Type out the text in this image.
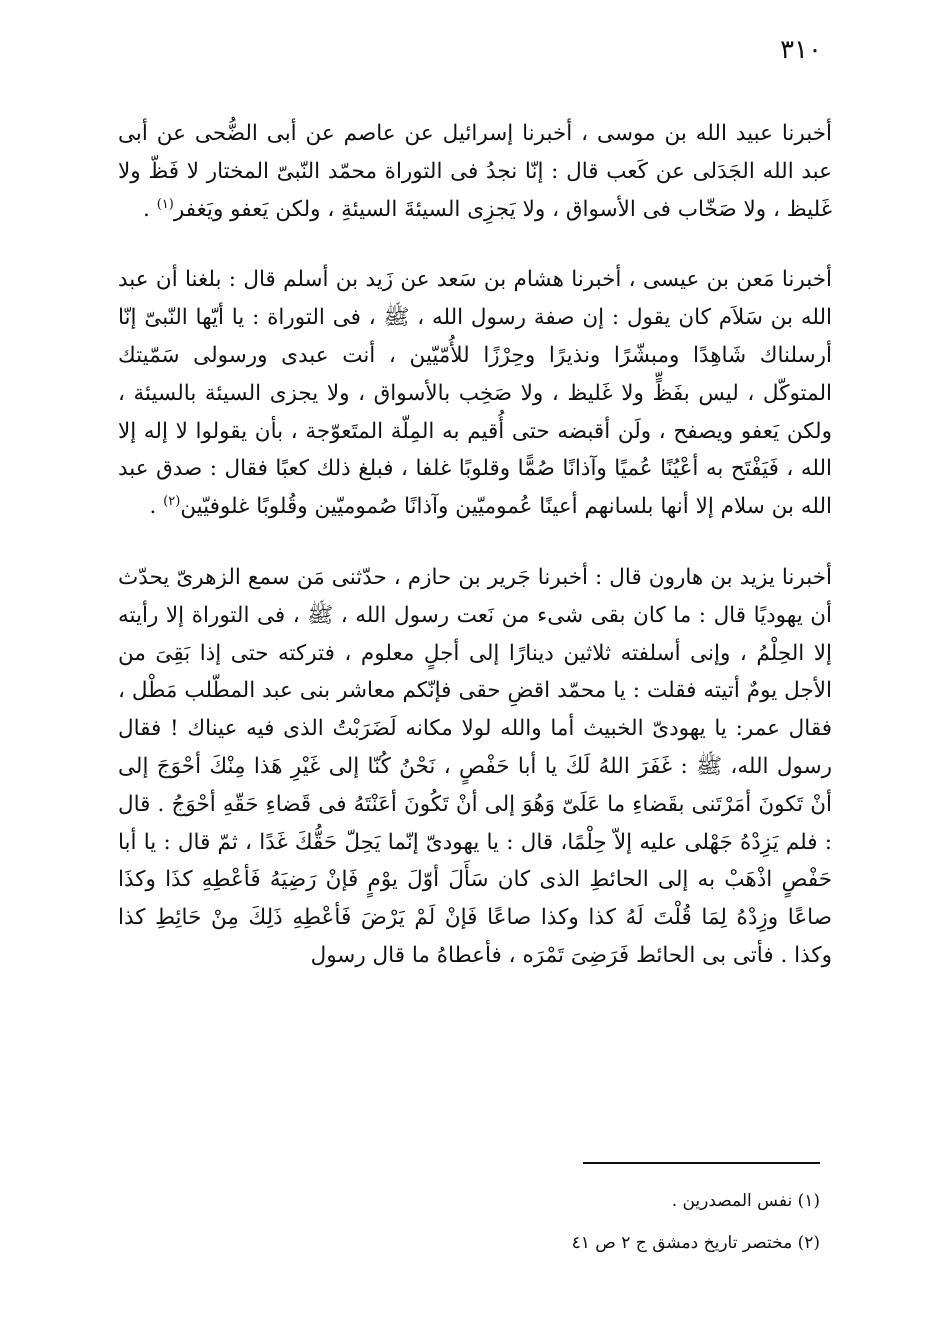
٣١٠

أخبرنا عبيد الله بن موسى ، أخبرنا إسرائيل عن عاصم عن أبى الضُّحى عن أبى عبد الله الجَدَلى عن كَعب قال : إنّا نجدُ فى التوراة محمّد النّبىّ المختار لا فَظّ ولا غَليظ ، ولا صَخّاب فى الأسواق ، ولا يَجزِى السيئةَ السيئةِ ، ولكن يَعفو ويَغفر$^{(١)}$ .

أخبرنا مَعن بن عيسى ، أخبرنا هشام بن سَعد عن زَيد بن أسلم قال : بلغنا أن عبد الله بن سَلاَم كان يقول : إن صفة رسول الله ، ﷺ ، فى التوراة : يا أيّها النّبىّ إنّا أرسلناك شَاهِدًا ومبشّرًا ونذيرًا وحِرْزًا للأُمّيّين ، أنت عبدى ورسولى سَمّيتك المتوكّل ، ليس بفَظٍّ ولا غَليظ ، ولا صَخِب بالأسواق ، ولا يجزى السيئة بالسيئة ، ولكن يَعفو ويصفح ، ولَن أقبضه حتى أُقيم به المِلّة المتَعوّجة ، بأن يقولوا لا إله إلا الله ، فَيَفْتَح به أعْيُنًا عُميًا وآذانًا صُمًّا وقلوبًا غلفا ، فبلغ ذلك كعبًا فقال : صدق عبد الله بن سلام إلا أنها بلسانهم أعينًا عُموميّين وآذانًا صُموميّين وقُلوبًا غلوفيّين$^{(٢)}$ .

أخبرنا يزيد بن هارون قال : أخبرنا جَرير بن حازم ، حدّثنى مَن سمع الزهرىّ يحدّث أن يهوديًا قال : ما كان بقى شىء من نَعت رسول الله ، ﷺ ، فى التوراة إلا رأيته إلا الحِلْمُ ، وإنى أسلفته ثلاثين دينارًا إلى أجلٍ معلوم ، فتركته حتى إذا بَقِىَ من الأجل يومٌ أتيته فقلت : يا محمّد اقضِ حقى فإنّكم معاشر بنى عبد المطّلب مَطْل ، فقال عمر: يا يهودىّ الخبيث أما والله لولا مكانه لَضَرَبْتُ الذى فيه عيناك ! فقال رسول الله، ﷺ : غَفَرَ اللهُ لَكَ يا أبا حَفْصٍ ، نَحْنُ كُنّا إلى غَيْرِ هَذا مِنْكَ أحْوَجَ إلى أنْ تَكونَ أمَرْتَنى بقَضاءِ ما عَلَىّ وَهُوَ إلى أنْ تَكُونَ أعَنْتَهُ فى قَضاءِ حَقّهِ أحْوَجُ . قال : فلم يَزِدْهُ جَهْلى عليه إلاّ حِلْمًا، قال : يا يهودىّ إنّما يَحِلّ حَقُّكَ غَدًا ، ثمّ قال : يا أبا حَفْصٍ اذْهَبْ به إلى الحائطِ الذى كان سَأَلَ أوّلَ يوْمٍ فَإنْ رَضِيَهُ فَأعْطِهِ كذَا وكذَا صاعًا وزِدْهُ لِمَا قُلْتَ لَهُ كذا وكذا صاعًا فَإنْ لَمْ يَرْضَ فَأعْطِهِ ذَلِكَ مِنْ حَائِطِ كذا وكذا . فأتى بى الحائط فَرَضِىَ تَمْرَه ، فأعطاهُ ما قال رسول

(١) نفس المصدرين .

(٢) مختصر تاريخ دمشق ج ٢ ص ٤١
